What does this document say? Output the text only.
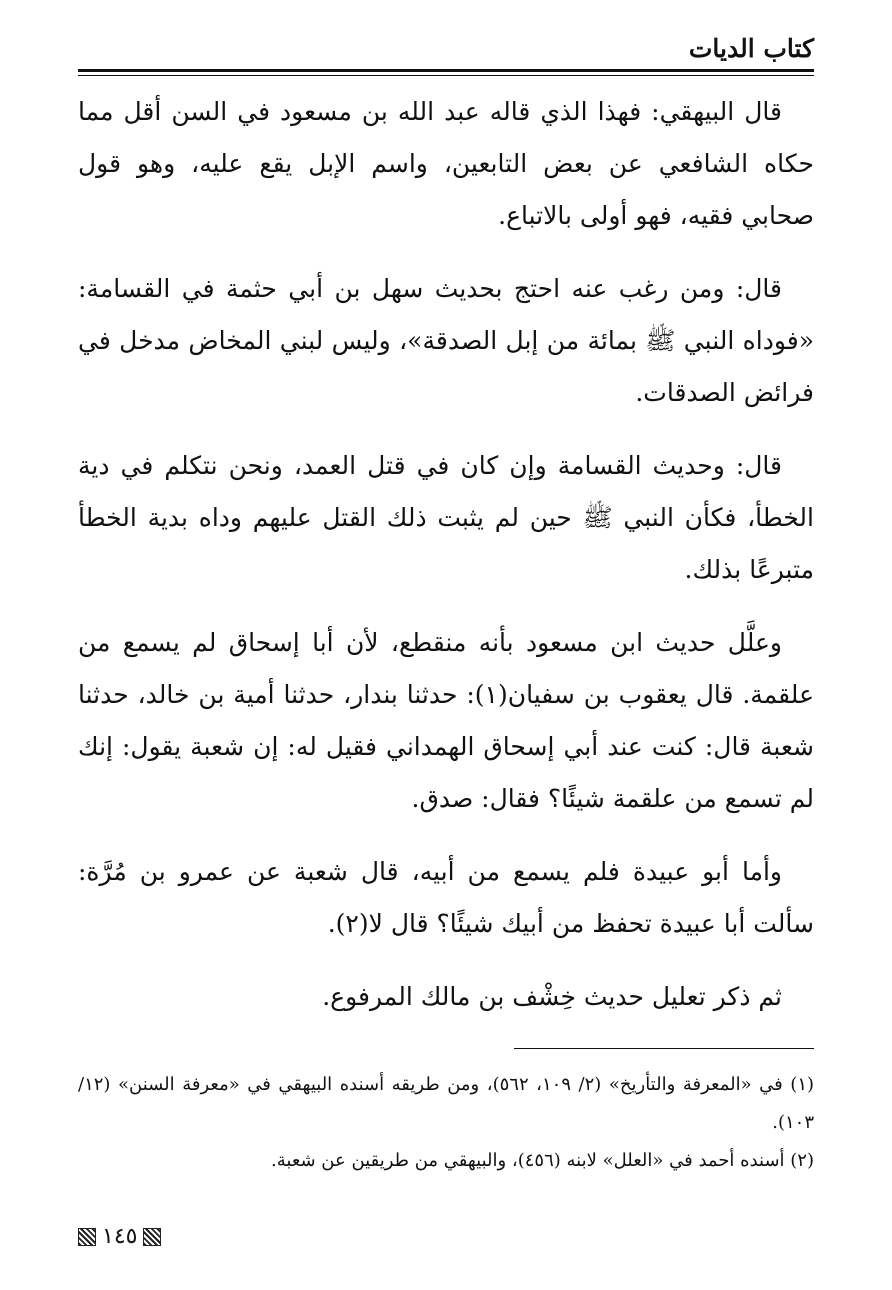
كتاب الديات

قال البيهقي: فهذا الذي قاله عبد الله بن مسعود في السن أقل مما حكاه الشافعي عن بعض التابعين، واسم الإبل يقع عليه، وهو قول صحابي فقيه، فهو أولى بالاتباع.

قال: ومن رغب عنه احتج بحديث سهل بن أبي حثمة في القسامة: «فوداه النبي ﷺ بمائة من إبل الصدقة»، وليس لبني المخاض مدخل في فرائض الصدقات.

قال: وحديث القسامة وإن كان في قتل العمد، ونحن نتكلم في دية الخطأ، فكأن النبي ﷺ حين لم يثبت ذلك القتل عليهم وداه بدية الخطأ متبرعًا بذلك.

وعلَّل حديث ابن مسعود بأنه منقطع، لأن أبا إسحاق لم يسمع من علقمة. قال يعقوب بن سفيان(١): حدثنا بندار، حدثنا أمية بن خالد، حدثنا شعبة قال: كنت عند أبي إسحاق الهمداني فقيل له: إن شعبة يقول: إنك لم تسمع من علقمة شيئًا؟ فقال: صدق.

وأما أبو عبيدة فلم يسمع من أبيه، قال شعبة عن عمرو بن مُرَّة: سألت أبا عبيدة تحفظ من أبيك شيئًا؟ قال لا(٢).

ثم ذكر تعليل حديث خِشْف بن مالك المرفوع.

(١) في «المعرفة والتأريخ» (٢/ ١٠٩، ٥٦٢)، ومن طريقه أسنده البيهقي في «معرفة السنن» (١٢/ ١٠٣).

(٢) أسنده أحمد في «العلل» لابنه (٤٥٦)، والبيهقي من طريقين عن شعبة.

١٤٥
